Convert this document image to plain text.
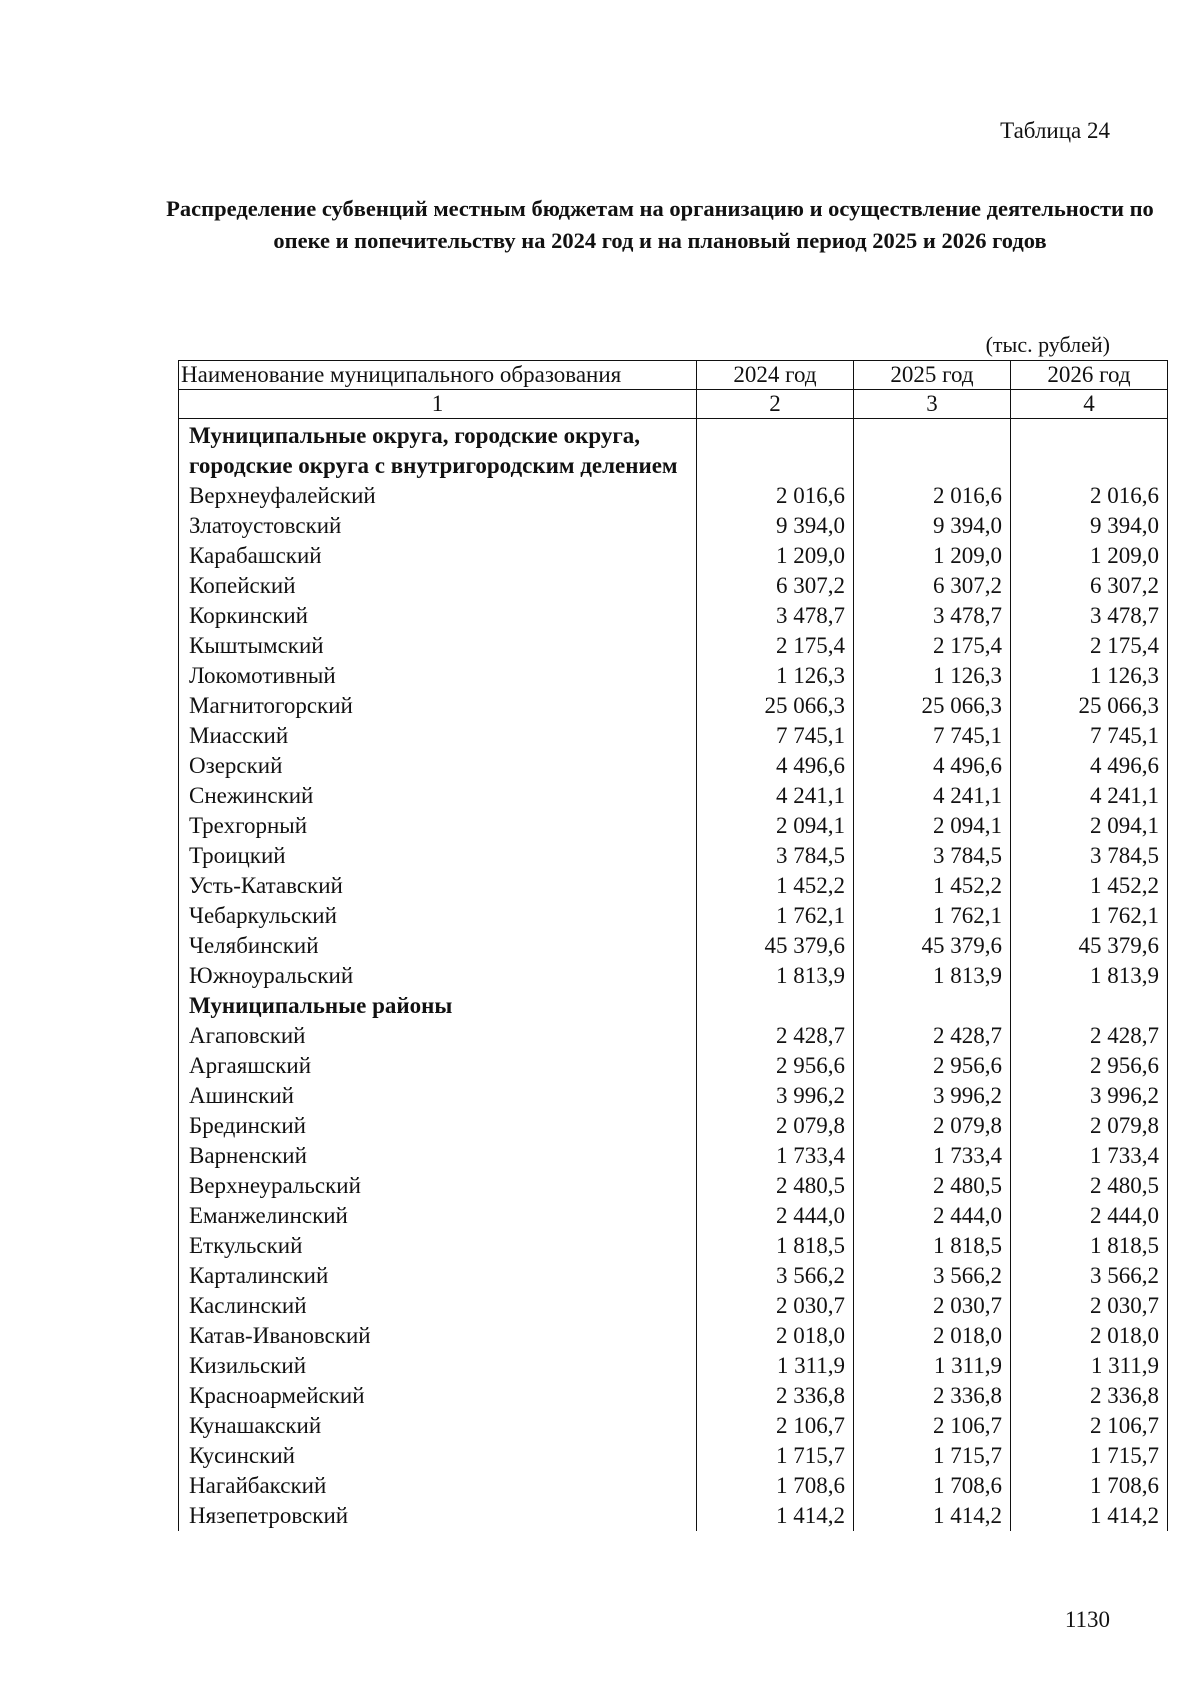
Таблица 24
Распределение субвенций местным бюджетам на организацию и осуществление деятельности по опеке и попечительству на 2024 год и на плановый период 2025 и 2026 годов
(тыс. рублей)
Наименование муниципального образования	2024 год	2025 год	2026 год
1	2	3	4
Муниципальные округа, городские округа, городские округа с внутригородским делением			
Верхнеуфалейский	2 016,6	2 016,6	2 016,6
Златоустовский	9 394,0	9 394,0	9 394,0
Карабашский	1 209,0	1 209,0	1 209,0
Копейский	6 307,2	6 307,2	6 307,2
Коркинский	3 478,7	3 478,7	3 478,7
Кыштымский	2 175,4	2 175,4	2 175,4
Локомотивный	1 126,3	1 126,3	1 126,3
Магнитогорский	25 066,3	25 066,3	25 066,3
Миасский	7 745,1	7 745,1	7 745,1
Озерский	4 496,6	4 496,6	4 496,6
Снежинский	4 241,1	4 241,1	4 241,1
Трехгорный	2 094,1	2 094,1	2 094,1
Троицкий	3 784,5	3 784,5	3 784,5
Усть-Катавский	1 452,2	1 452,2	1 452,2
Чебаркульский	1 762,1	1 762,1	1 762,1
Челябинский	45 379,6	45 379,6	45 379,6
Южноуральский	1 813,9	1 813,9	1 813,9
Муниципальные районы			
Агаповский	2 428,7	2 428,7	2 428,7
Аргаяшский	2 956,6	2 956,6	2 956,6
Ашинский	3 996,2	3 996,2	3 996,2
Брединский	2 079,8	2 079,8	2 079,8
Варненский	1 733,4	1 733,4	1 733,4
Верхнеуральский	2 480,5	2 480,5	2 480,5
Еманжелинский	2 444,0	2 444,0	2 444,0
Еткульский	1 818,5	1 818,5	1 818,5
Карталинский	3 566,2	3 566,2	3 566,2
Каслинский	2 030,7	2 030,7	2 030,7
Катав-Ивановский	2 018,0	2 018,0	2 018,0
Кизильский	1 311,9	1 311,9	1 311,9
Красноармейский	2 336,8	2 336,8	2 336,8
Кунашакский	2 106,7	2 106,7	2 106,7
Кусинский	1 715,7	1 715,7	1 715,7
Нагайбакский	1 708,6	1 708,6	1 708,6
Нязепетровский	1 414,2	1 414,2	1 414,2
1130
